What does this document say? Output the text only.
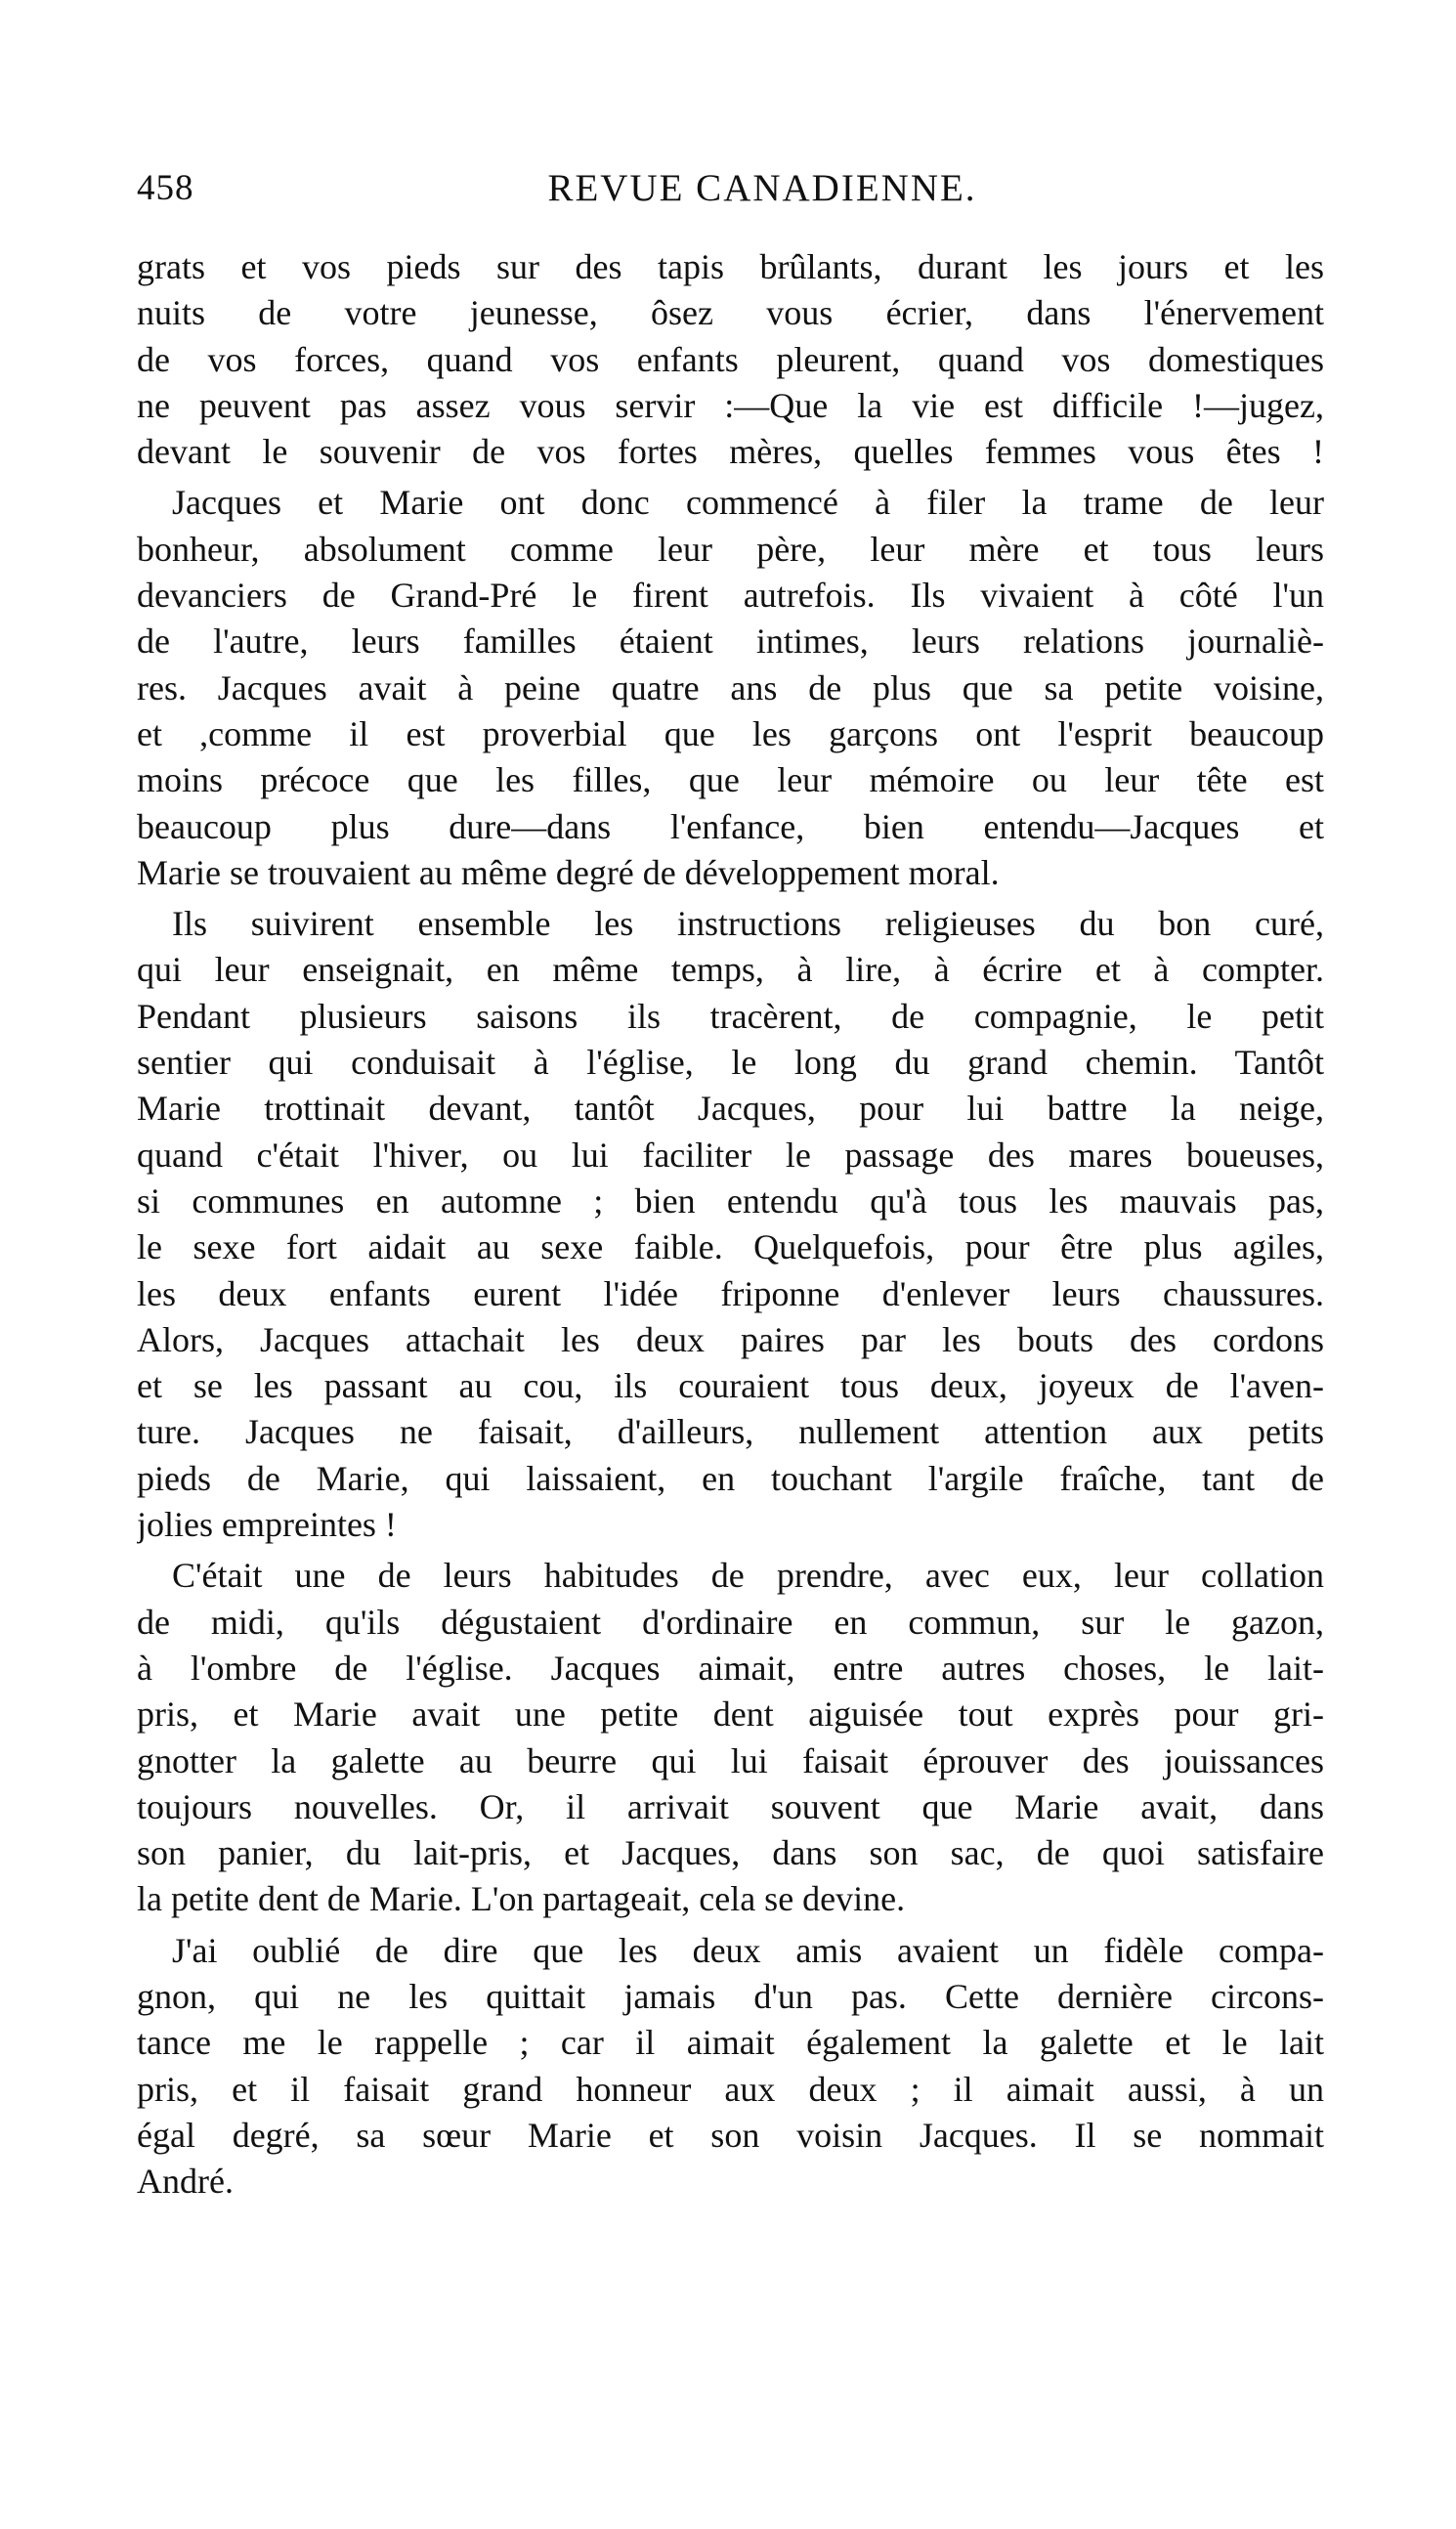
458	REVUE CANADIENNE.
grats et vos pieds sur des tapis brûlants, durant les jours et les
nuits de votre jeunesse, ôsez vous écrier, dans l'énervement
de vos forces, quand vos enfants pleurent, quand vos domestiques
ne peuvent pas assez vous servir :—Que la vie est difficile !—jugez,
devant le souvenir de vos fortes mères, quelles femmes vous êtes !
Jacques et Marie ont donc commencé à filer la trame de leur
bonheur, absolument comme leur père, leur mère et tous leurs
devanciers de Grand-Pré le firent autrefois. Ils vivaient à côté l'un
de l'autre, leurs familles étaient intimes, leurs relations journaliè-
res. Jacques avait à peine quatre ans de plus que sa petite voisine,
et ,comme il est proverbial que les garçons ont l'esprit beaucoup
moins précoce que les filles, que leur mémoire ou leur tête est
beaucoup plus dure—dans l'enfance, bien entendu—Jacques et
Marie se trouvaient au même degré de développement moral.
Ils suivirent ensemble les instructions religieuses du bon curé,
qui leur enseignait, en même temps, à lire, à écrire et à compter.
Pendant plusieurs saisons ils tracèrent, de compagnie, le petit
sentier qui conduisait à l'église, le long du grand chemin. Tantôt
Marie trottinait devant, tantôt Jacques, pour lui battre la neige,
quand c'était l'hiver, ou lui faciliter le passage des mares boueuses,
si communes en automne ; bien entendu qu'à tous les mauvais pas,
le sexe fort aidait au sexe faible. Quelquefois, pour être plus agiles,
les deux enfants eurent l'idée friponne d'enlever leurs chaussures.
Alors, Jacques attachait les deux paires par les bouts des cordons
et se les passant au cou, ils couraient tous deux, joyeux de l'aven-
ture. Jacques ne faisait, d'ailleurs, nullement attention aux petits
pieds de Marie, qui laissaient, en touchant l'argile fraîche, tant de
jolies empreintes !
C'était une de leurs habitudes de prendre, avec eux, leur collation
de midi, qu'ils dégustaient d'ordinaire en commun, sur le gazon,
à l'ombre de l'église. Jacques aimait, entre autres choses, le lait-
pris, et Marie avait une petite dent aiguisée tout exprès pour gri-
gnotter la galette au beurre qui lui faisait éprouver des jouissances
toujours nouvelles. Or, il arrivait souvent que Marie avait, dans
son panier, du lait-pris, et Jacques, dans son sac, de quoi satisfaire
la petite dent de Marie. L'on partageait, cela se devine.
J'ai oublié de dire que les deux amis avaient un fidèle compa-
gnon, qui ne les quittait jamais d'un pas. Cette dernière circons-
tance me le rappelle ; car il aimait également la galette et le lait
pris, et il faisait grand honneur aux deux ; il aimait aussi, à un
égal degré, sa sœur Marie et son voisin Jacques. Il se nommait
André.
